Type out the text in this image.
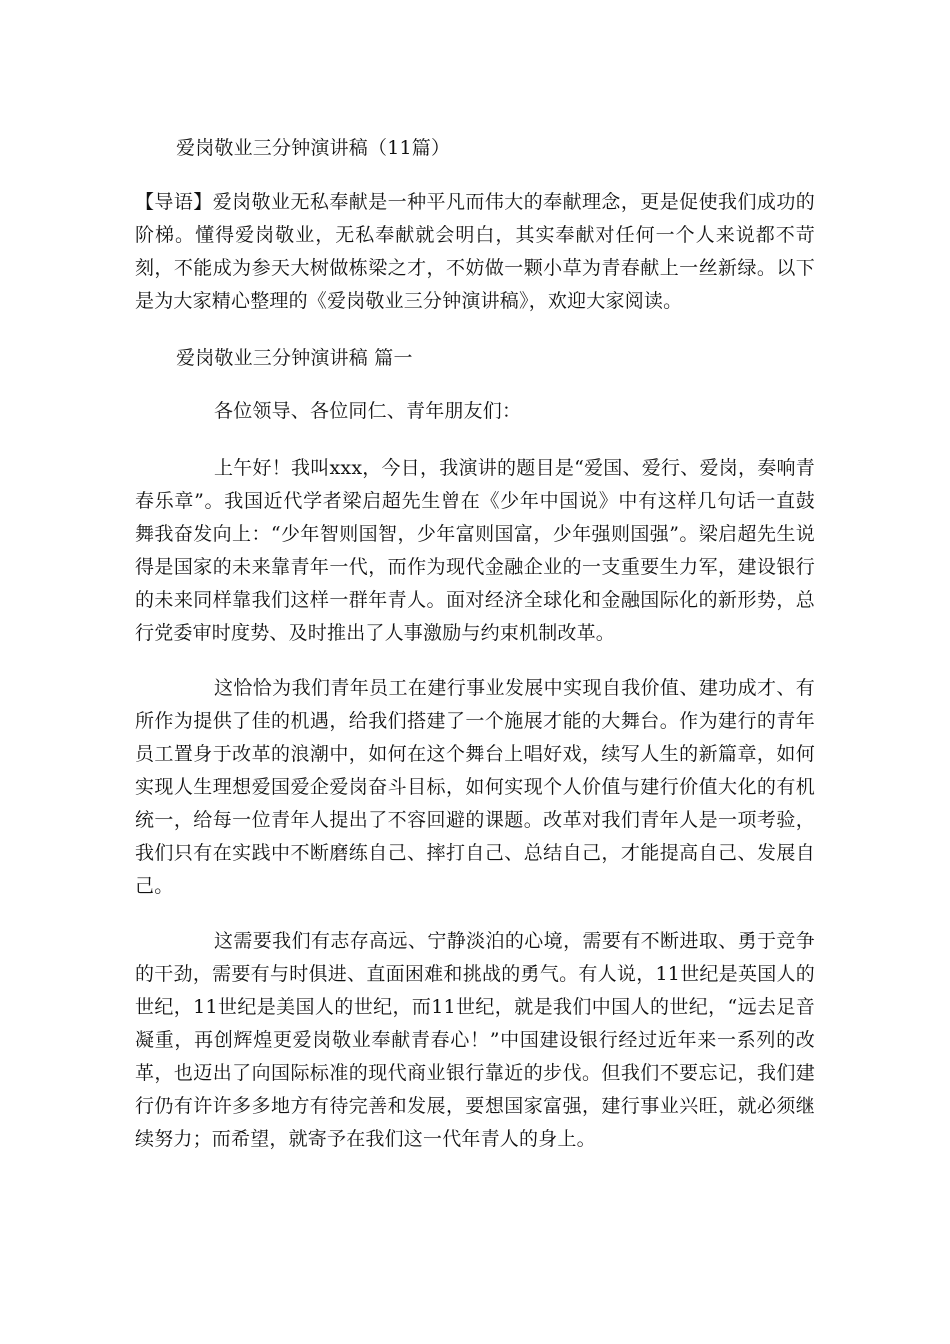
爱岗敬业三分钟演讲稿（11篇）

【导语】爱岗敬业无私奉献是一种平凡而伟大的奉献理念，更是促使我们成功的阶梯。懂得爱岗敬业，无私奉献就会明白，其实奉献对任何一个人来说都不苛刻，不能成为参天大树做栋梁之才，不妨做一颗小草为青春献上一丝新绿。以下是为大家精心整理的《爱岗敬业三分钟演讲稿》，欢迎大家阅读。

爱岗敬业三分钟演讲稿 篇一

各位领导、各位同仁、青年朋友们：

上午好！我叫xxx，今日，我演讲的题目是“爱国、爱行、爱岗，奏响青春乐章”。我国近代学者梁启超先生曾在《少年中国说》中有这样几句话一直鼓舞我奋发向上：“少年智则国智，少年富则国富，少年强则国强”。梁启超先生说得是国家的未来靠青年一代，而作为现代金融企业的一支重要生力军，建设银行的未来同样靠我们这样一群年青人。面对经济全球化和金融国际化的新形势，总行党委审时度势、及时推出了人事激励与约束机制改革。

这恰恰为我们青年员工在建行事业发展中实现自我价值、建功成才、有所作为提供了佳的机遇，给我们搭建了一个施展才能的大舞台。作为建行的青年员工置身于改革的浪潮中，如何在这个舞台上唱好戏，续写人生的新篇章，如何实现人生理想爱国爱企爱岗奋斗目标，如何实现个人价值与建行价值大化的有机统一，给每一位青年人提出了不容回避的课题。改革对我们青年人是一项考验，我们只有在实践中不断磨练自己、摔打自己、总结自己，才能提高自己、发展自己。

这需要我们有志存高远、宁静淡泊的心境，需要有不断进取、勇于竞争的干劲，需要有与时俱进、直面困难和挑战的勇气。有人说，11世纪是英国人的世纪，11世纪是美国人的世纪，而11世纪，就是我们中国人的世纪，“远去足音凝重，再创辉煌更爱岗敬业奉献青春心！”中国建设银行经过近年来一系列的改革，也迈出了向国际标准的现代商业银行靠近的步伐。但我们不要忘记，我们建行仍有许许多多地方有待完善和发展，要想国家富强，建行事业兴旺，就必须继续努力；而希望，就寄予在我们这一代年青人的身上。
